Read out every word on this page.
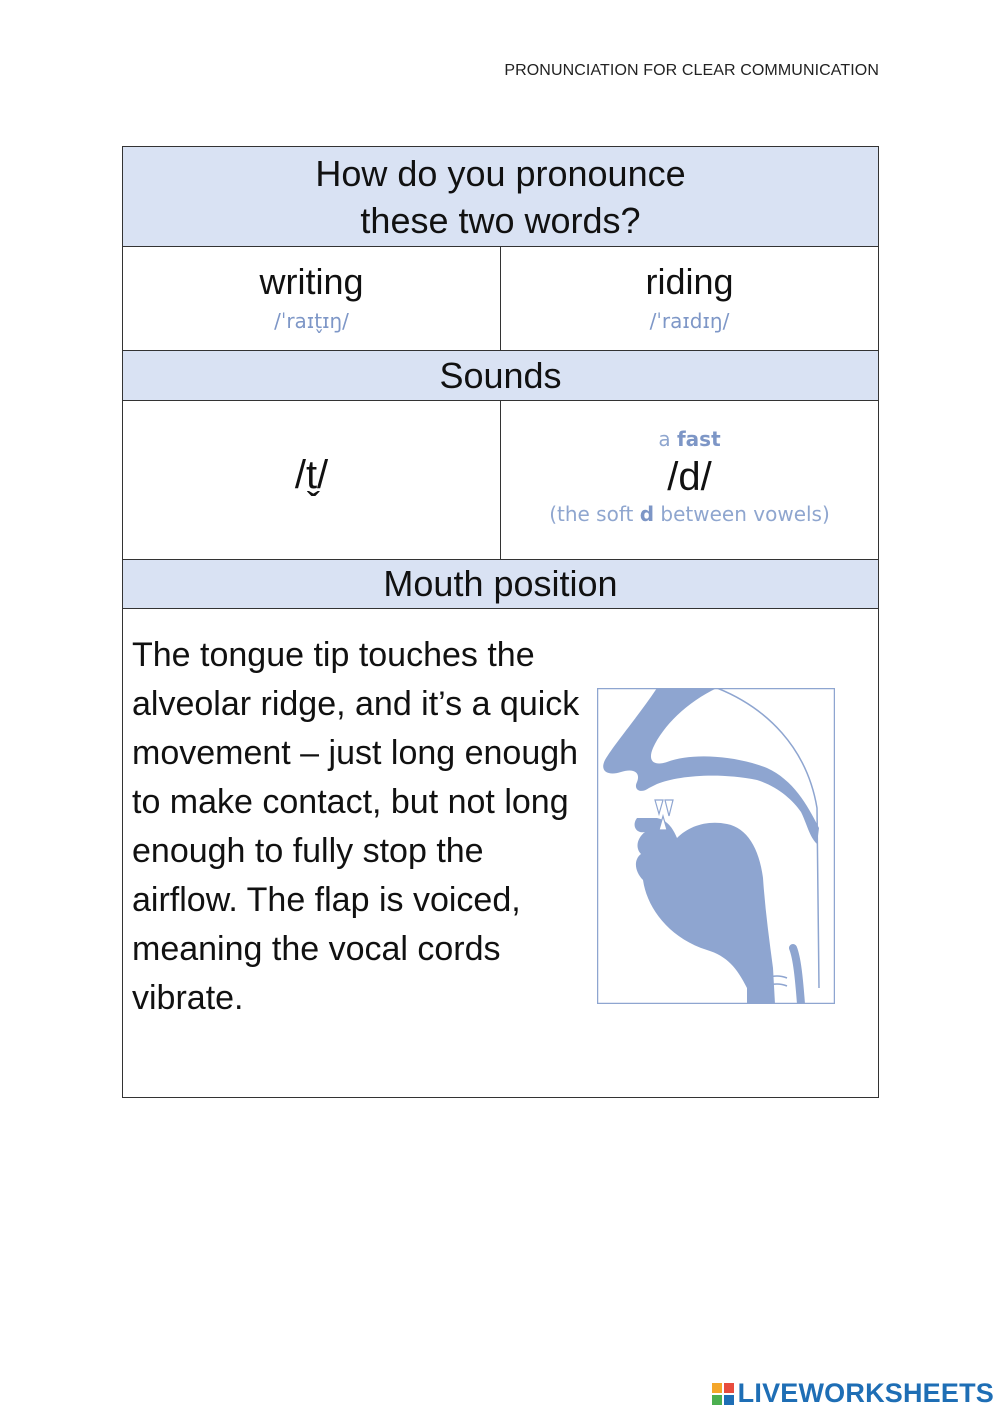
PRONUNCIATION FOR CLEAR COMMUNICATION
How do you pronounce
these two words?
writing
/ˈraɪt̬ɪŋ/
riding
/ˈraɪdɪŋ/
Sounds
/t̬/
a fast
/d/
(the soft d between vowels)
Mouth position
The tongue tip touches the alveolar ridge, and it’s a quick movement – just long enough to make contact, but not long enough to fully stop the airflow. The flap is voiced, meaning the vocal cords vibrate.
LIVEWORKSHEETS
